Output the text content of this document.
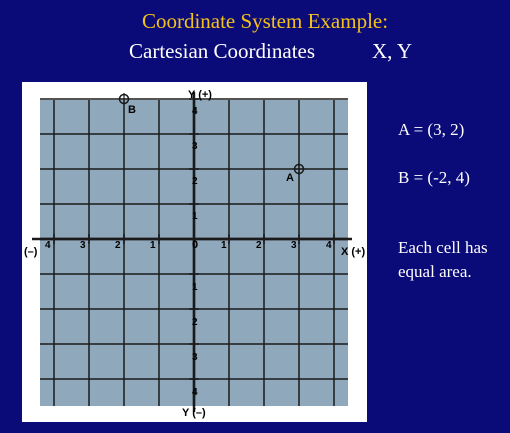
Coordinate System Example:
Cartesian Coordinates	X, Y
Y (+)
Y (–)
(–)	X (+)
0
4	3	2	1	1	2	3	4
4
3
2
1
1
2
3
4
A
B
A = (3, 2)
B = (-2, 4)
Each cell has equal area.
